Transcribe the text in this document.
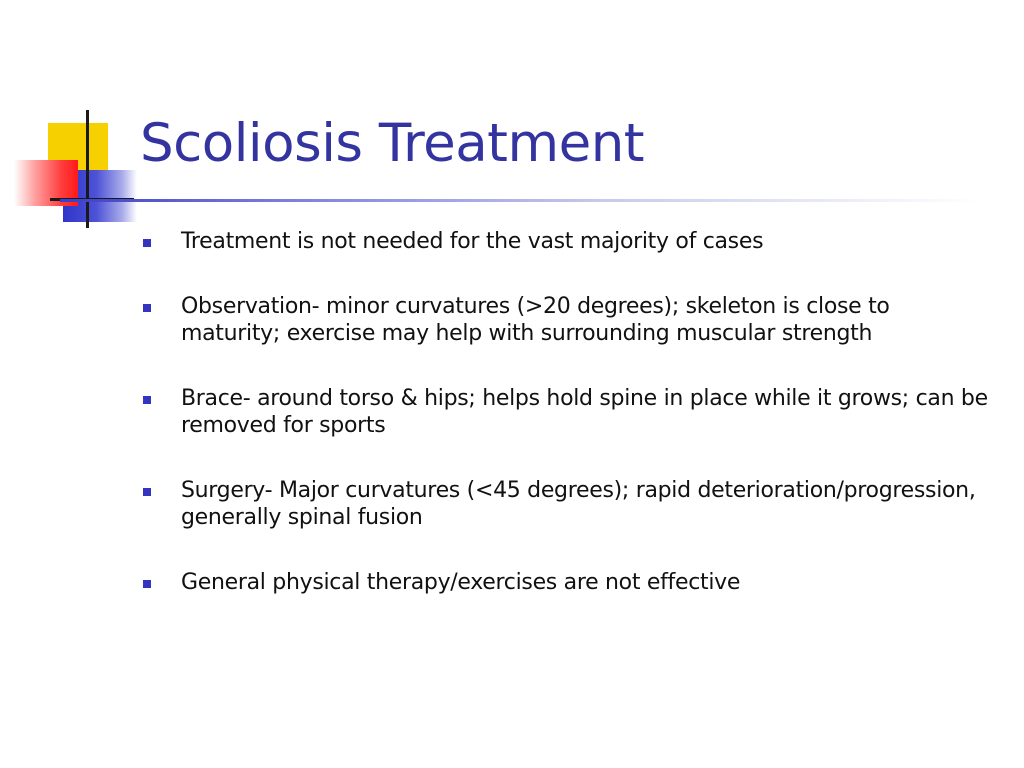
Scoliosis Treatment
Treatment is not needed for the vast majority of cases
Observation- minor curvatures (>20 degrees); skeleton is close to maturity; exercise may help with surrounding muscular strength
Brace- around torso & hips; helps hold spine in place while it grows; can be removed for sports
Surgery- Major curvatures (<45 degrees); rapid deterioration/progression, generally spinal fusion
General physical therapy/exercises are not effective
